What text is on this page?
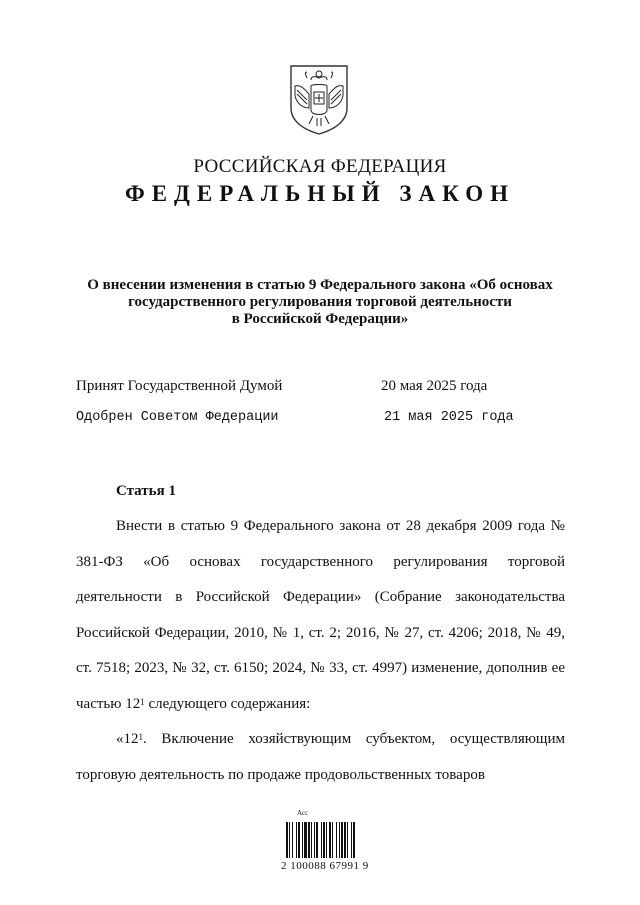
РОССИЙСКАЯ ФЕДЕРАЦИЯ
ФЕДЕРАЛЬНЫЙ ЗАКОН
О внесении изменения в статью 9 Федерального закона «Об основах
государственного регулирования торговой деятельности
в Российской Федерации»
Принят Государственной Думой	20 мая 2025 года
Одобрен Советом Федерации	21 мая 2025 года
Статья 1

Внести в статью 9 Федерального закона от 28 декабря 2009 года № 381-ФЗ «Об основах государственного регулирования торговой деятельности в Российской Федерации» (Собрание законодательства Российской Федерации, 2010, № 1, ст. 2; 2016, № 27, ст. 4206; 2018, № 49, ст. 7518; 2023, № 32, ст. 6150; 2024, № 33, ст. 4997) изменение, дополнив ее частью $12^1$ следующего содержания:

«$12^1$. Включение хозяйствующим субъектом, осуществляющим торговую деятельность по продаже продовольственных товаров

Асс
2 100088 67991 9
